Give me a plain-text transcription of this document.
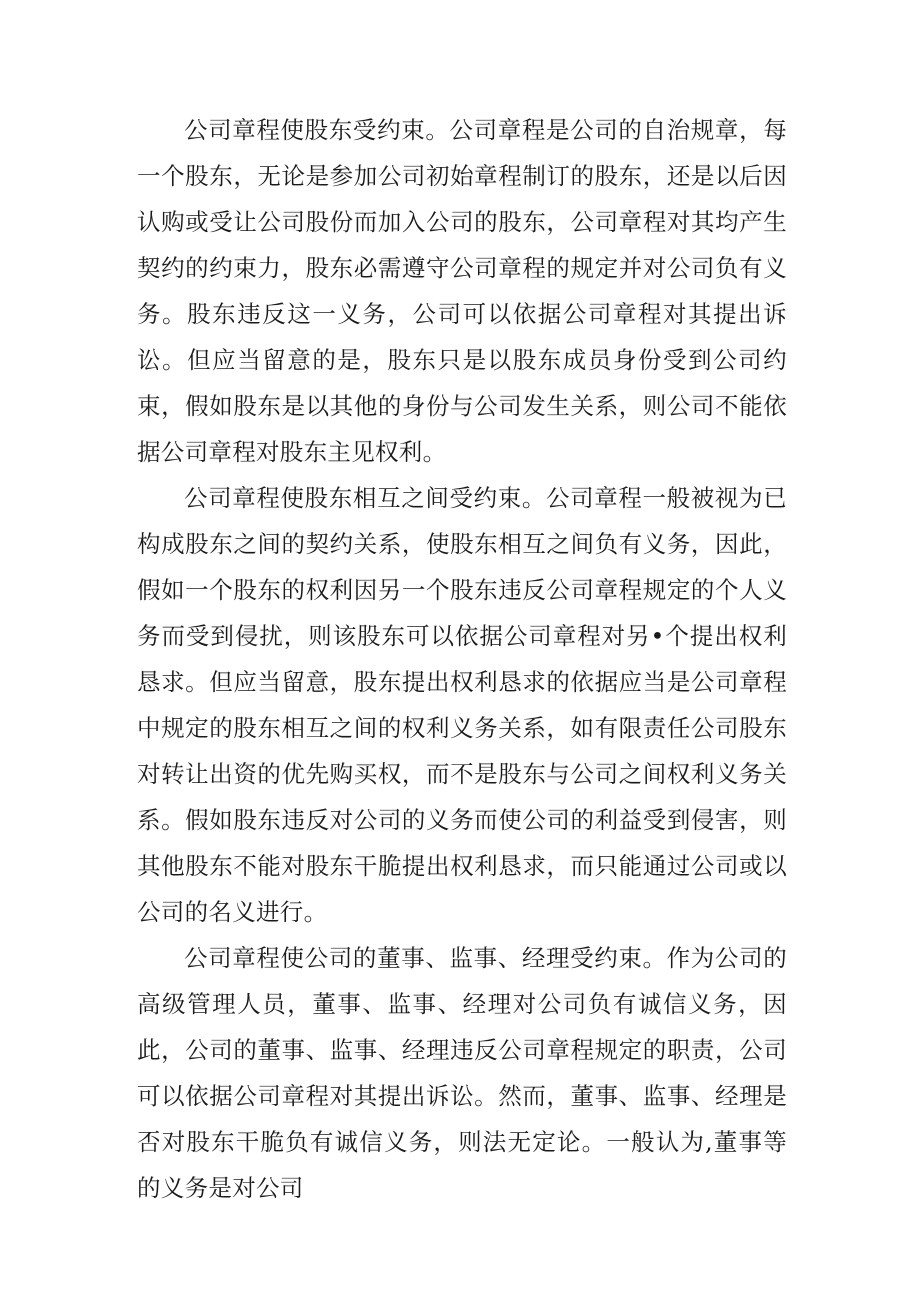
公司章程使股东受约束。公司章程是公司的自治规章，每一个股东，无论是参加公司初始章程制订的股东，还是以后因认购或受让公司股份而加入公司的股东，公司章程对其均产生契约的约束力，股东必需遵守公司章程的规定并对公司负有义务。股东违反这一义务，公司可以依据公司章程对其提出诉讼。但应当留意的是，股东只是以股东成员身份受到公司约束，假如股东是以其他的身份与公司发生关系，则公司不能依据公司章程对股东主见权利。

公司章程使股东相互之间受约束。公司章程一般被视为已构成股东之间的契约关系，使股东相互之间负有义务，因此，假如一个股东的权利因另一个股东违反公司章程规定的个人义务而受到侵扰，则该股东可以依据公司章程对另•个提出权利恳求。但应当留意，股东提出权利恳求的依据应当是公司章程中规定的股东相互之间的权利义务关系，如有限责任公司股东对转让出资的优先购买权，而不是股东与公司之间权利义务关系。假如股东违反对公司的义务而使公司的利益受到侵害，则其他股东不能对股东干脆提出权利恳求，而只能通过公司或以公司的名义进行。

公司章程使公司的董事、监事、经理受约束。作为公司的高级管理人员，董事、监事、经理对公司负有诚信义务，因此，公司的董事、监事、经理违反公司章程规定的职责，公司可以依据公司章程对其提出诉讼。然而，董事、监事、经理是否对股东干脆负有诚信义务，则法无定论。一般认为,董事等的义务是对公司
